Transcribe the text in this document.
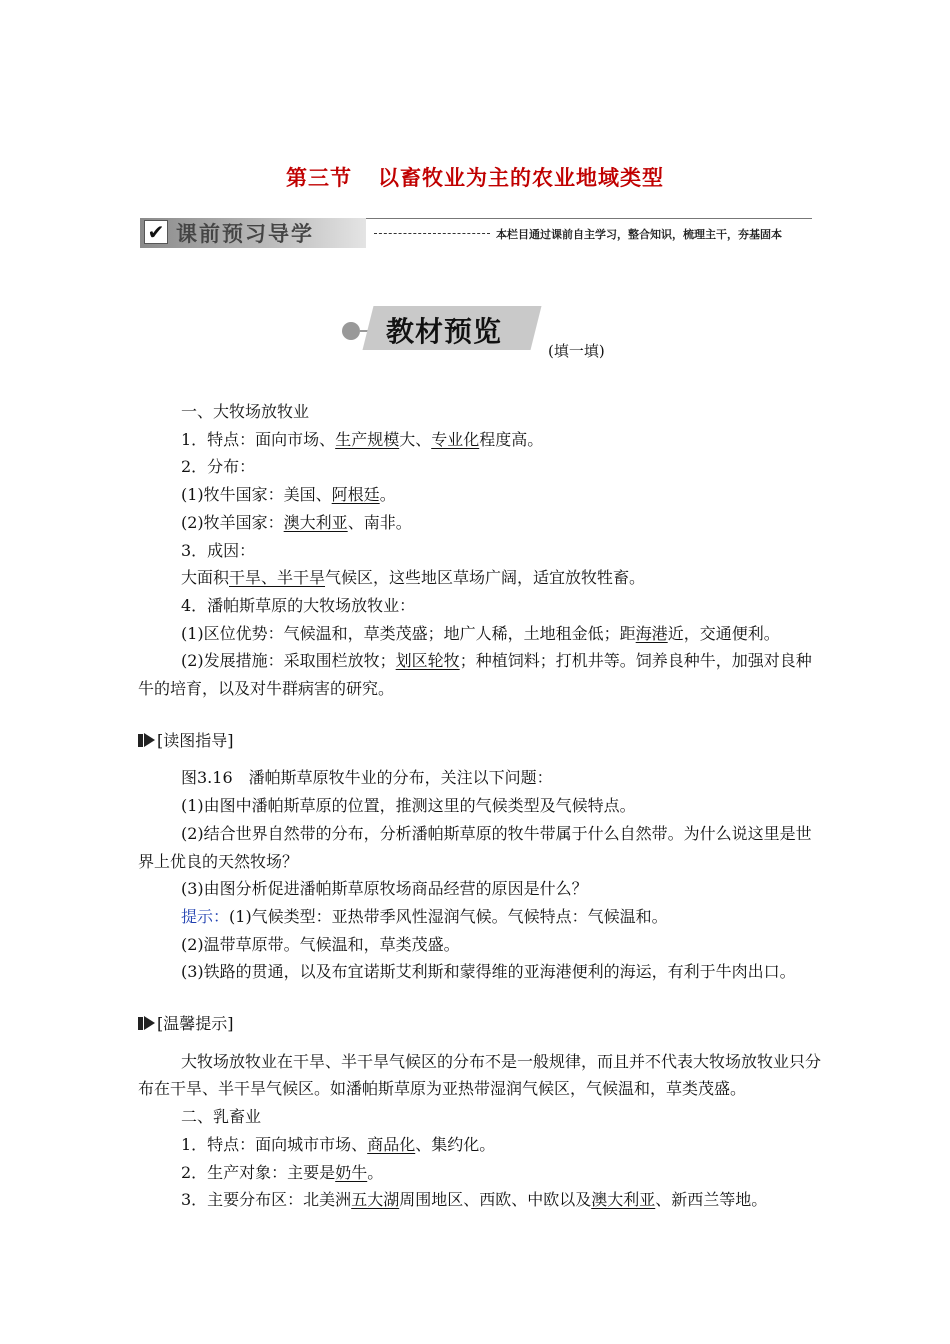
第三节 以畜牧业为主的农业地域类型
✔ 课前预习导学	本栏目通过课前自主学习，整合知识，梳理主干，夯基固本
教材预览
(填一填)

一、大牧场放牧业

1．特点：面向市场、生产规模大、专业化程度高。

2．分布：

(1)牧牛国家：美国、阿根廷。

(2)牧羊国家：澳大利亚、南非。

3．成因：

大面积干旱、半干旱气候区，这些地区草场广阔，适宜放牧牲畜。

4．潘帕斯草原的大牧场放牧业：

(1)区位优势：气候温和，草类茂盛；地广人稀，土地租金低；距海港近，交通便利。

(2)发展措施：采取围栏放牧；划区轮牧；种植饲料；打机井等。饲养良种牛，加强对良种牛的培育，以及对牛群病害的研究。

[读图指导]

图3.16　潘帕斯草原牧牛业的分布，关注以下问题：

(1)由图中潘帕斯草原的位置，推测这里的气候类型及气候特点。

(2)结合世界自然带的分布，分析潘帕斯草原的牧牛带属于什么自然带。为什么说这里是世界上优良的天然牧场？

(3)由图分析促进潘帕斯草原牧场商品经营的原因是什么？

提示：(1)气候类型：亚热带季风性湿润气候。气候特点：气候温和。

(2)温带草原带。气候温和，草类茂盛。

(3)铁路的贯通，以及布宜诺斯艾利斯和蒙得维的亚海港便利的海运，有利于牛肉出口。

[温馨提示]

大牧场放牧业在干旱、半干旱气候区的分布不是一般规律，而且并不代表大牧场放牧业只分布在干旱、半干旱气候区。如潘帕斯草原为亚热带湿润气候区，气候温和，草类茂盛。

二、乳畜业

1．特点：面向城市市场、商品化、集约化。

2．生产对象：主要是奶牛。

3．主要分布区：北美洲五大湖周围地区、西欧、中欧以及澳大利亚、新西兰等地。
